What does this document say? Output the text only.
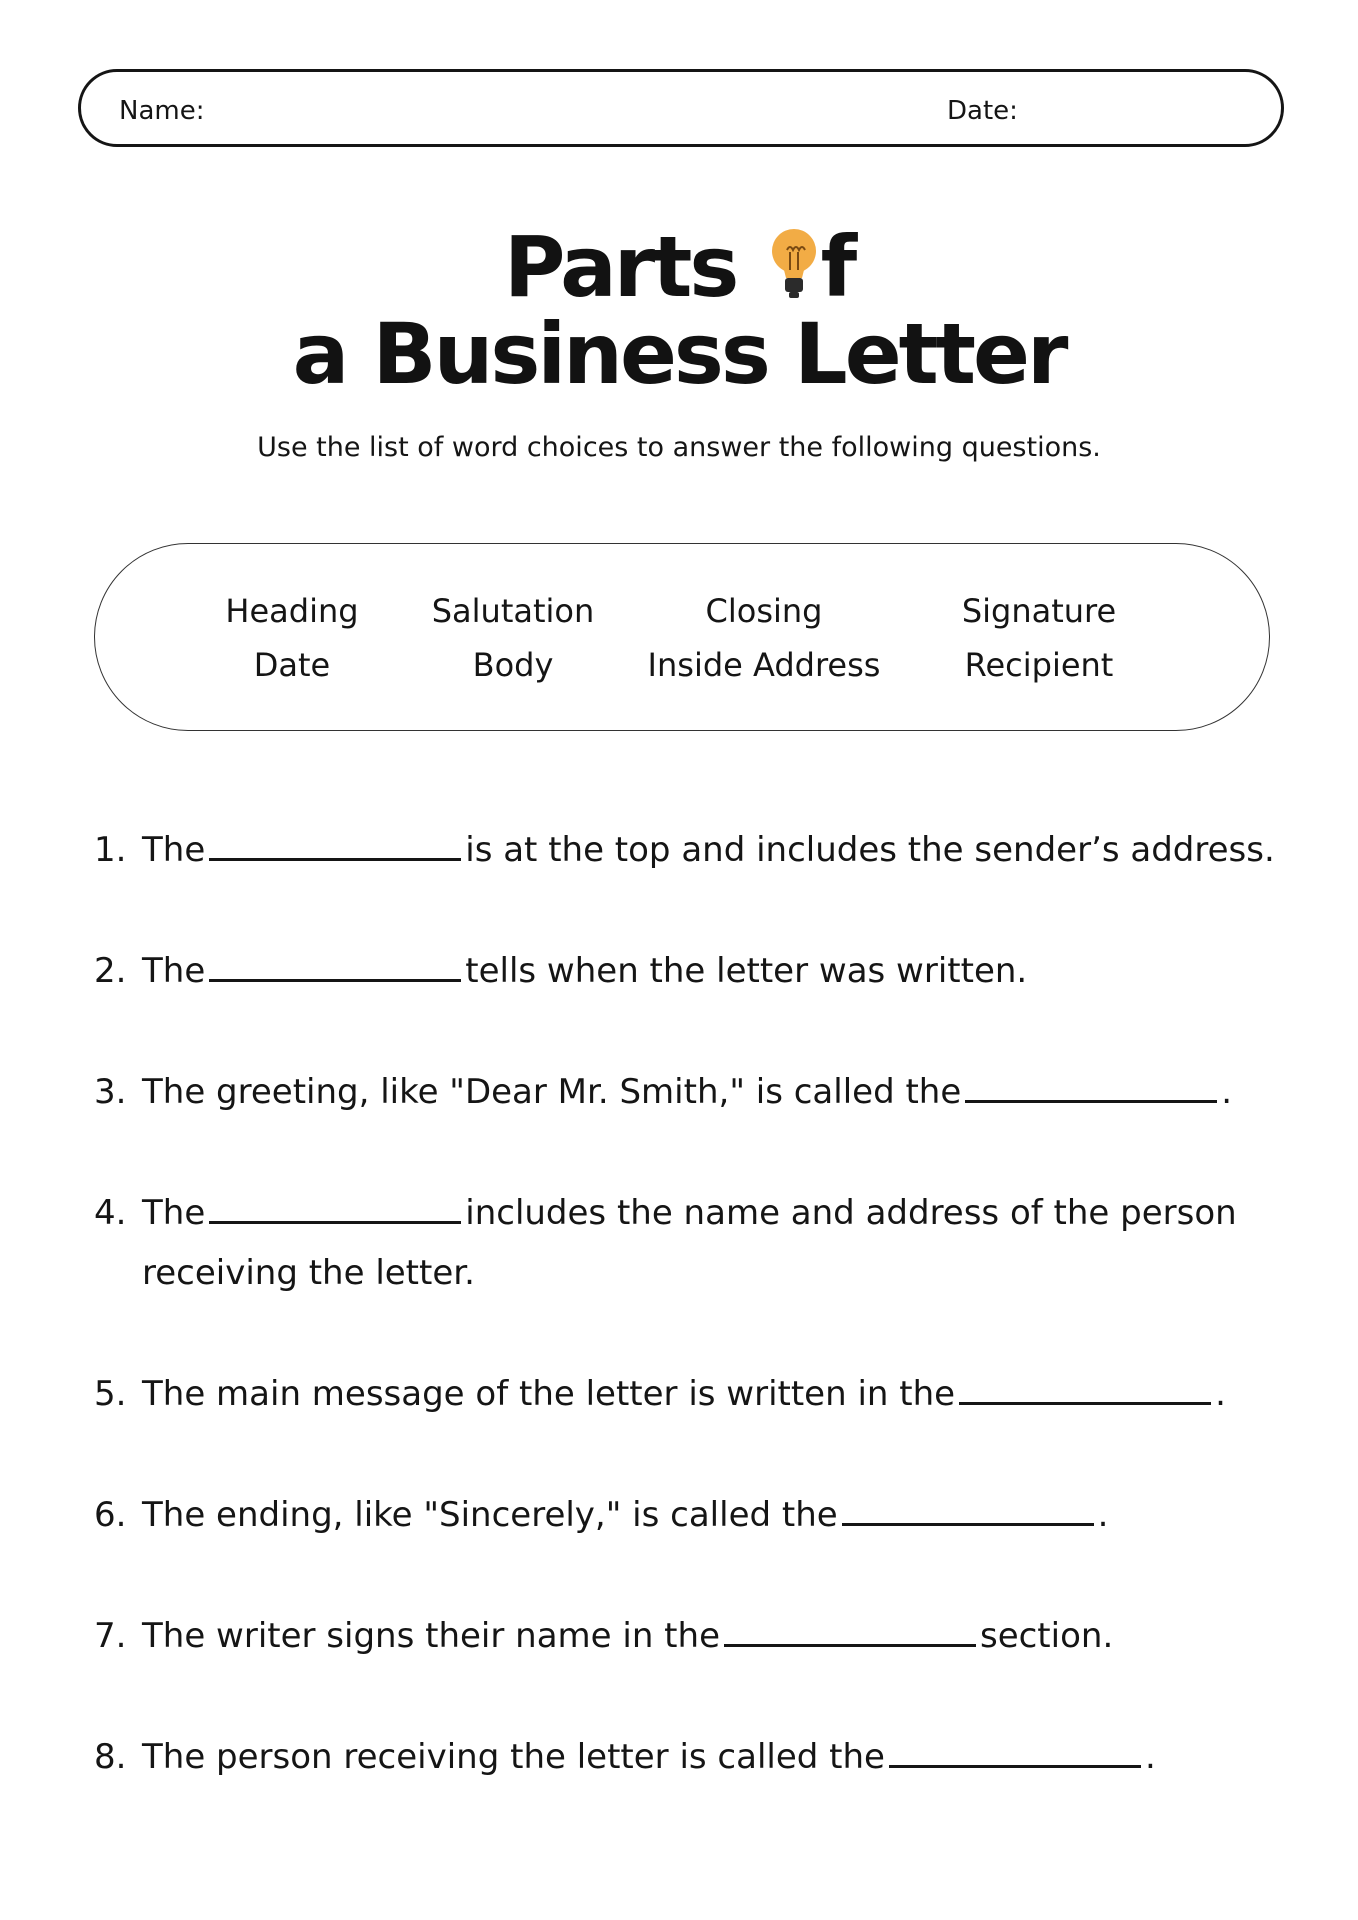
Name:	Date:
Parts f
a Business Letter
Use the list of word choices to answer the following questions.
Heading
Date
Salutation
Body
Closing
Inside Address
Signature
Recipient
1. The	is at the top and includes the sender’s address.
2. The	tells when the letter was written.
3. The greeting, like "Dear Mr. Smith," is called the	.
4. The	includes the name and address of the person
receiving the letter.
5. The main message of the letter is written in the	.
6. The ending, like "Sincerely," is called the	.
7. The writer signs their name in the	section.
8. The person receiving the letter is called the	.
